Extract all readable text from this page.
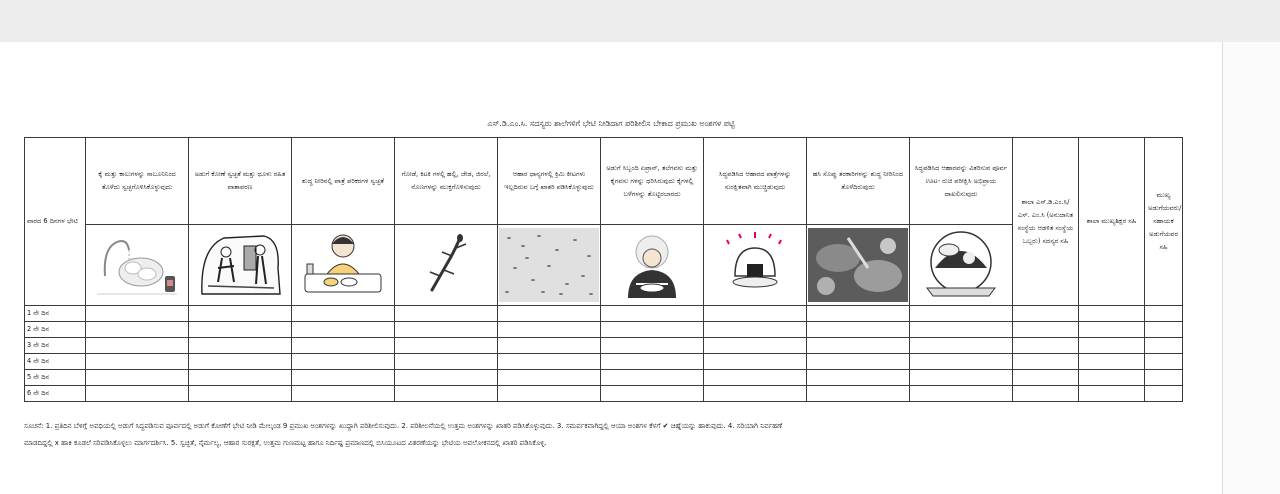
ಎಸ್.ಡಿ.ಎಂ.ಸಿ. ಸದಸ್ಯರು ಶಾಲೆಗಳಿಗೆ ಭೇಟಿ ನೀಡಿದಾಗ ಪರಿಶೀಲಿಸ ಬೇಕಾದ ಪ್ರಮುಖ ಅಂಶಗಳ ಪಟ್ಟಿ
ವಾರದ 6 ದಿನಗಳ ಭೇಟಿ	ಕೈ ಮತ್ತು ಕಾಲುಗಳನ್ನು ಸಾಬೂನಿನಿಂದ ತೊಳೆದು ಸ್ವಚ್ಛಗೊಳಿಸಿಕೊಳ್ಳುವುದು	ಅಡುಗೆ ಕೋಣೆ ಸ್ವಚ್ಛತೆ ಮತ್ತು ಧೂಳು ರಹಿತ ವಾತಾವರಣ	ಶುದ್ಧ ನೀರಿನಲ್ಲಿ ಪಾತ್ರೆ ಪರಿಕರಗಳ ಸ್ವಚ್ಛತೆ	ಗೋಡೆ, ಕಿಟಕಿ ಗಳಲ್ಲಿ ಹಲ್ಲಿ, ಜೇಡ, ಜಿರಲೆ, ನೊಣಗಳನ್ನು ಮುಕ್ತಗೊಳಿಸುವುದು	ಆಹಾರ ಧಾನ್ಯಗಳಲ್ಲಿ ಕ್ರಿಮಿ ಕೀಟಗಳು ಇಲ್ಲದಿರುವ ಬಗ್ಗೆ ಖಾತರಿ ಪಡಿಸಿಕೊಳ್ಳುವುದು	ಅಡುಗೆ ಸಿಬ್ಬಂದಿ ಏಪ್ರಾನ್, ತಲೆಗವಸು ಮತ್ತು ಕೈಗವಸು ಗಳನ್ನು ಧರಿಸಿರುವುದು ಕೈಗಳಲ್ಲಿ ಬಳೆಗಳನ್ನು ತೊಟ್ಟಿರಬಾರದು	ಸಿದ್ಧಪಡಿಸಿದ ಆಹಾರದ ಪಾತ್ರೆಗಳನ್ನು ಸುರಕ್ಷಿತವಾಗಿ ಮುಚ್ಚಿಡುವುದು	ಹಸಿ ಸೊಪ್ಪು ತರಕಾರಿಗಳನ್ನು ಶುದ್ಧ ನೀರಿನಿಂದ ತೊಳೆದಿರುವುದು	ಸಿದ್ಧಪಡಿಸಿದ ಆಹಾರವನ್ನು ವಿತರಿಸುವ ಪೂರ್ವ ಊಟ- ರುಚಿ ಪರೀಕ್ಷಿಸಿ ಅಭಿಪ್ರಾಯ ದಾಖಲಿಸುವುದು	ಶಾಲಾ ಎಸ್.ಡಿ.ಎಂ.ಸಿ/ಎಸ್. ಎಂ.ಸಿ (ಅನುದಾನಿತ ಸಂಸ್ಥೆಯ ಆಡಳಿತ ಸಂಸ್ಥೆಯ ಒಬ್ಬರು) ಸದಸ್ಯರ ಸಹಿ	ಶಾಲಾ ಮುಖ್ಯಶಿಕ್ಷರ ಸಹಿ	ಮುಖ್ಯ ಅಡುಗೆಯವರು/ಸಹಾಯಕ ಅಡುಗೆಯವರ ಸಹಿ

1 ನೇ ದಿನ												
2 ನೇ ದಿನ												
3 ನೇ ದಿನ												
4 ನೇ ದಿನ												
5 ನೇ ದಿನ												
6 ನೇ ದಿನ												
ಸೂಚನೆ: 1. ಪ್ರತಿದಿನ ಬೆಳಿಗ್ಗೆ ಅವಧಿಯಲ್ಲಿ ಅಡುಗೆ ಸಿದ್ಧಪಡಿಸುವ ಪೂರ್ವದಲ್ಲಿ ಅಡುಗೆ ಕೋಣೆಗೆ ಭೇಟಿ ನೀಡಿ ಮೇಲ್ಕಂಡ 9 ಪ್ರಮುಖ ಅಂಶಗಳನ್ನು ಖುದ್ದಾಗಿ ಪರಿಶೀಲಿಸುವುದು. 2. ಪರಿಶೀಲನೆಯಲ್ಲಿ ಉತ್ತಮ ಅಂಶಗಳನ್ನು ಖಾತರಿ ಪಡಿಸಿಕೊಳ್ಳುವುದು. 3. ಸಮರ್ಪಕವಾಗಿದ್ದಲ್ಲಿ ಆಯಾ ಅಂಶಗಳ ಕೆಳಗೆ ✔ ಚಿಹ್ನೆಯನ್ನು ಹಾಕುವುದು. 4. ಸರಿಯಾಗಿ ನಿರ್ವಹಣೆ
ಮಾಡದಿದ್ದಲ್ಲಿ x ಹಾಕಿ ಕೂಡಲೆ ಸರಿಪಡಿಸಿಕೊಳ್ಳಲು ಮಾರ್ಗದರ್ಶಿಸಿ. 5. ಸ್ವಚ್ಛತೆ, ನೈರ್ಮಲ್ಯ, ಆಹಾರ ಸುರಕ್ಷತೆ, ಉತ್ತಮ ಗುಣಮಟ್ಟ ಹಾಗೂ ನಿರ್ದಿಷ್ಟ ಪ್ರಮಾಣದಲ್ಲಿ ಬಿಸಿಯೂಟದ ವಿತರಣೆಯನ್ನು ಭೇಟಿಯ ಅವಲೋಕನದಲ್ಲಿ ಖಾತರಿ ಪಡಿಸಿಕೊಳ್ಳಿ.
